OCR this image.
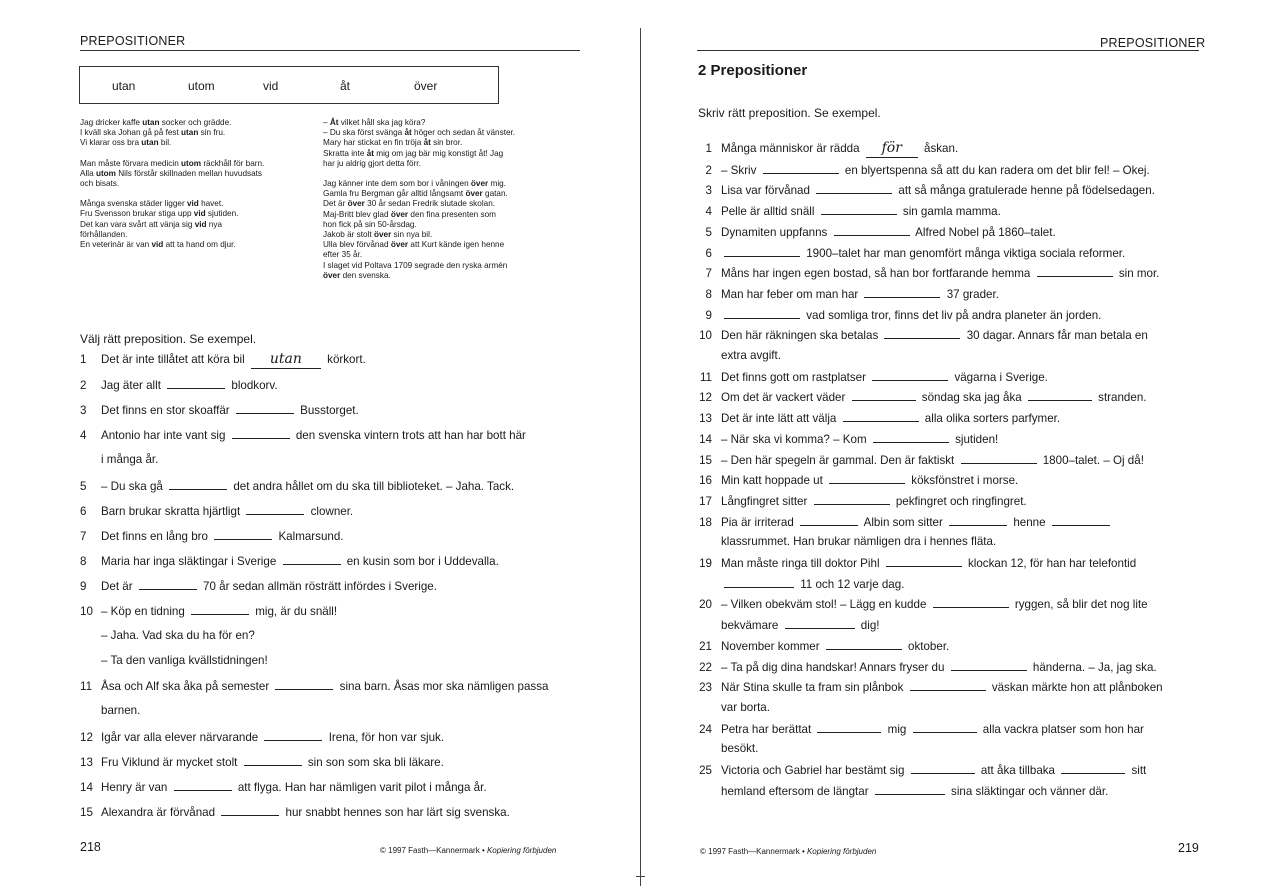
PREPOSITIONER
utan	utom	vid	åt	över

Jag dricker kaffe utan socker och grädde.

I kväll ska Johan gå på fest utan sin fru.

Vi klarar oss bra utan bil.

Man måste förvara medicin utom räckhåll för barn.

Alla utom Nils förstår skillnaden mellan huvudsats

och bisats.

Många svenska städer ligger vid havet.

Fru Svensson brukar stiga upp vid sjutiden.

Det kan vara svårt att vänja sig vid nya

förhållanden.

En veterinär är van vid att ta hand om djur.

– Åt vilket håll ska jag köra?

– Du ska först svänga åt höger och sedan åt vänster.

Mary har stickat en fin tröja åt sin bror.

Skratta inte åt mig om jag bär mig konstigt åt! Jag

har ju aldrig gjort detta förr.

Jag känner inte dem som bor i våningen över mig.

Gamla fru Bergman går alltid långsamt över gatan.

Det är över 30 år sedan Fredrik slutade skolan.

Maj-Britt blev glad över den fina presenten som

hon fick på sin 50-årsdag.

Jakob är stolt över sin nya bil.

Ulla blev förvånad över att Kurt kände igen henne

efter 35 år.

I slaget vid Poltava 1709 segrade den ryska armén

över den svenska.

Välj rätt preposition. Se exempel.
1 Det är inte tillåtet att köra bil utan körkort.
2 Jag äter allt	blodkorv.
3 Det finns en stor skoaffär	Busstorget.
4 Antonio har inte vant sig	den svenska vintern trots att han har bott här
i många år.
5 – Du ska gå	det andra hållet om du ska till biblioteket. – Jaha. Tack.
6 Barn brukar skratta hjärtligt	clowner.
7 Det finns en lång bro	Kalmarsund.
8 Maria har inga släktingar i Sverige	en kusin som bor i Uddevalla.
9 Det är	70 år sedan allmän rösträtt infördes i Sverige.
10 – Köp en tidning	mig, är du snäll!
– Jaha. Vad ska du ha för en?
– Ta den vanliga kvällstidningen!
11 Åsa och Alf ska åka på semester	sina barn. Åsas mor ska nämligen passa
barnen.
12 Igår var alla elever närvarande	Irena, för hon var sjuk.
13 Fru Viklund är mycket stolt	sin son som ska bli läkare.
14 Henry är van	att flyga. Han har nämligen varit pilot i många år.
15 Alexandra är förvånad	hur snabbt hennes son har lärt sig svenska.
218	© 1997 Fasth—Kannermark • Kopiering förbjuden
PREPOSITIONER
2 Prepositioner
Skriv rätt preposition. Se exempel.
1 Många människor är rädda för åskan.
2 – Skriv	en blyertspenna så att du kan radera om det blir fel! – Okej.
3 Lisa var förvånad	att så många gratulerade henne på födelsedagen.
4 Pelle är alltid snäll	sin gamla mamma.
5 Dynamiten uppfanns	Alfred Nobel på 1860–talet.
6	1900–talet har man genomfört många viktiga sociala reformer.
7 Måns har ingen egen bostad, så han bor fortfarande hemma	sin mor.
8 Man har feber om man har	37 grader.
9	vad somliga tror, finns det liv på andra planeter än jorden.
10 Den här räkningen ska betalas	30 dagar. Annars får man betala en
extra avgift.
11 Det finns gott om rastplatser	vägarna i Sverige.
12 Om det är vackert väder	söndag ska jag åka	stranden.
13 Det är inte lätt att välja	alla olika sorters parfymer.
14 – När ska vi komma? – Kom	sjutiden!
15 – Den här spegeln är gammal. Den är faktiskt	1800–talet. – Oj då!
16 Min katt hoppade ut	köksfönstret i morse.
17 Långfingret sitter	pekfingret och ringfingret.
18 Pia är irriterad	Albin som sitter	henne
klassrummet. Han brukar nämligen dra i hennes fläta.
19 Man måste ringa till doktor Pihl	klockan 12, för han har telefontid
11 och 12 varje dag.
20 – Vilken obekväm stol! – Lägg en kudde	ryggen, så blir det nog lite
bekvämare	dig!
21 November kommer	oktober.
22 – Ta på dig dina handskar! Annars fryser du	händerna. – Ja, jag ska.
23 När Stina skulle ta fram sin plånbok	väskan märkte hon att plånboken
var borta.
24 Petra har berättat	mig	alla vackra platser som hon har
besökt.
25 Victoria och Gabriel har bestämt sig	att åka tillbaka	sitt
hemland eftersom de längtar	sina släktingar och vänner där.
© 1997 Fasth—Kannermark • Kopiering förbjuden	219
